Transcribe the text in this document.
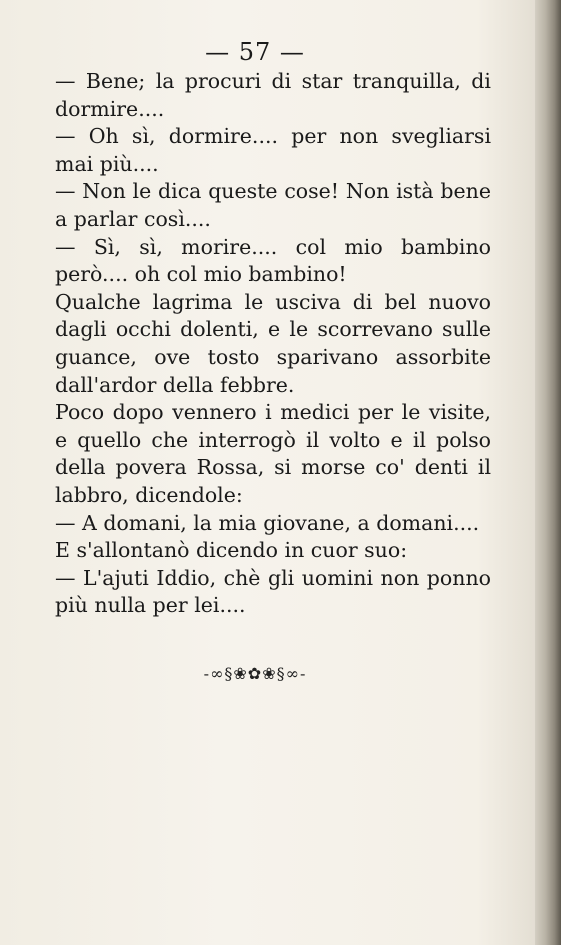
— 57 —

— Bene; la procuri di star tranquilla, di dormire....

— Oh sì, dormire.... per non svegliarsi mai più....

— Non le dica queste cose! Non istà bene a parlar così....

— Sì, sì, morire.... col mio bambino però.... oh col mio bambino!

Qualche lagrima le usciva di bel nuovo dagli occhi dolenti, e le scorrevano sulle guance, ove tosto sparivano assorbite dall'ardor della febbre.

Poco dopo vennero i medici per le visite, e quello che interrogò il volto e il polso della povera Rossa, si morse co' denti il labbro, dicendole:

— A domani, la mia giovane, a domani....

E s'allontanò dicendo in cuor suo:

— L'ajuti Iddio, chè gli uomini non ponno più nulla per lei....

-∞§❀✿❀§∞-
